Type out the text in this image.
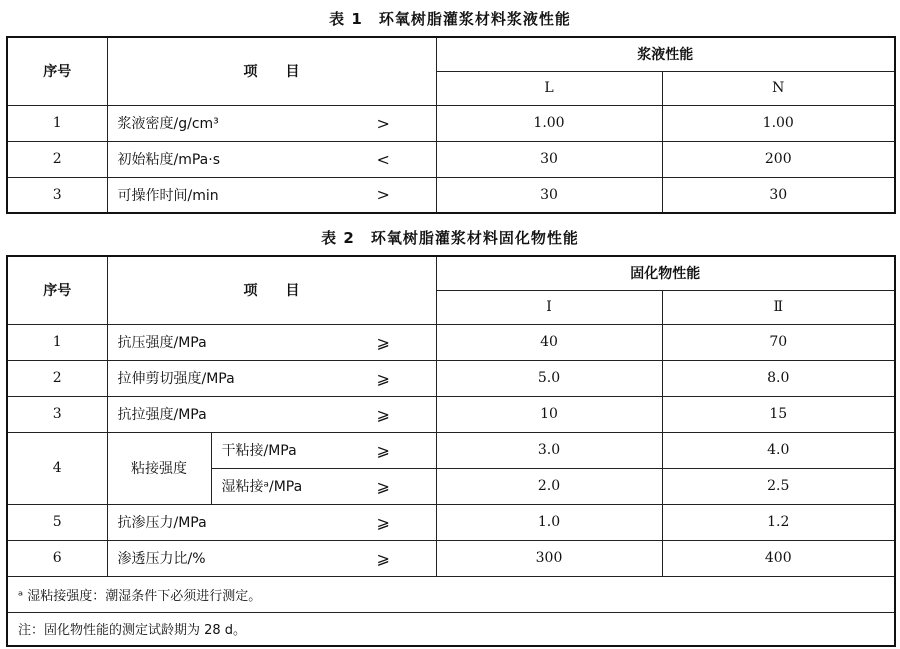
表 1　环氧树脂灌浆材料浆液性能
序号	项　　目		浆液性能	
			L	N
1	浆液密度/g/cm³	>	1.00	1.00
2	初始粘度/mPa·s	<	30	200
3	可操作时间/min	>	30	30
表 2　环氧树脂灌浆材料固化物性能
序号	项　　目			固化物性能	
				Ⅰ	Ⅱ
1	抗压强度/MPa		⩾	40	70
2	拉伸剪切强度/MPa		⩾	5.0	8.0
3	抗拉强度/MPa		⩾	10	15
4	粘接强度	干粘接/MPa	⩾	3.0	4.0
		湿粘接ᵃ/MPa	⩾	2.0	2.5
5	抗渗压力/MPa		⩾	1.0	1.2
6	渗透压力比/%		⩾	300	400
ᵃ 湿粘接强度：潮湿条件下必须进行测定。					
注：固化物性能的测定试龄期为 28 d。					
